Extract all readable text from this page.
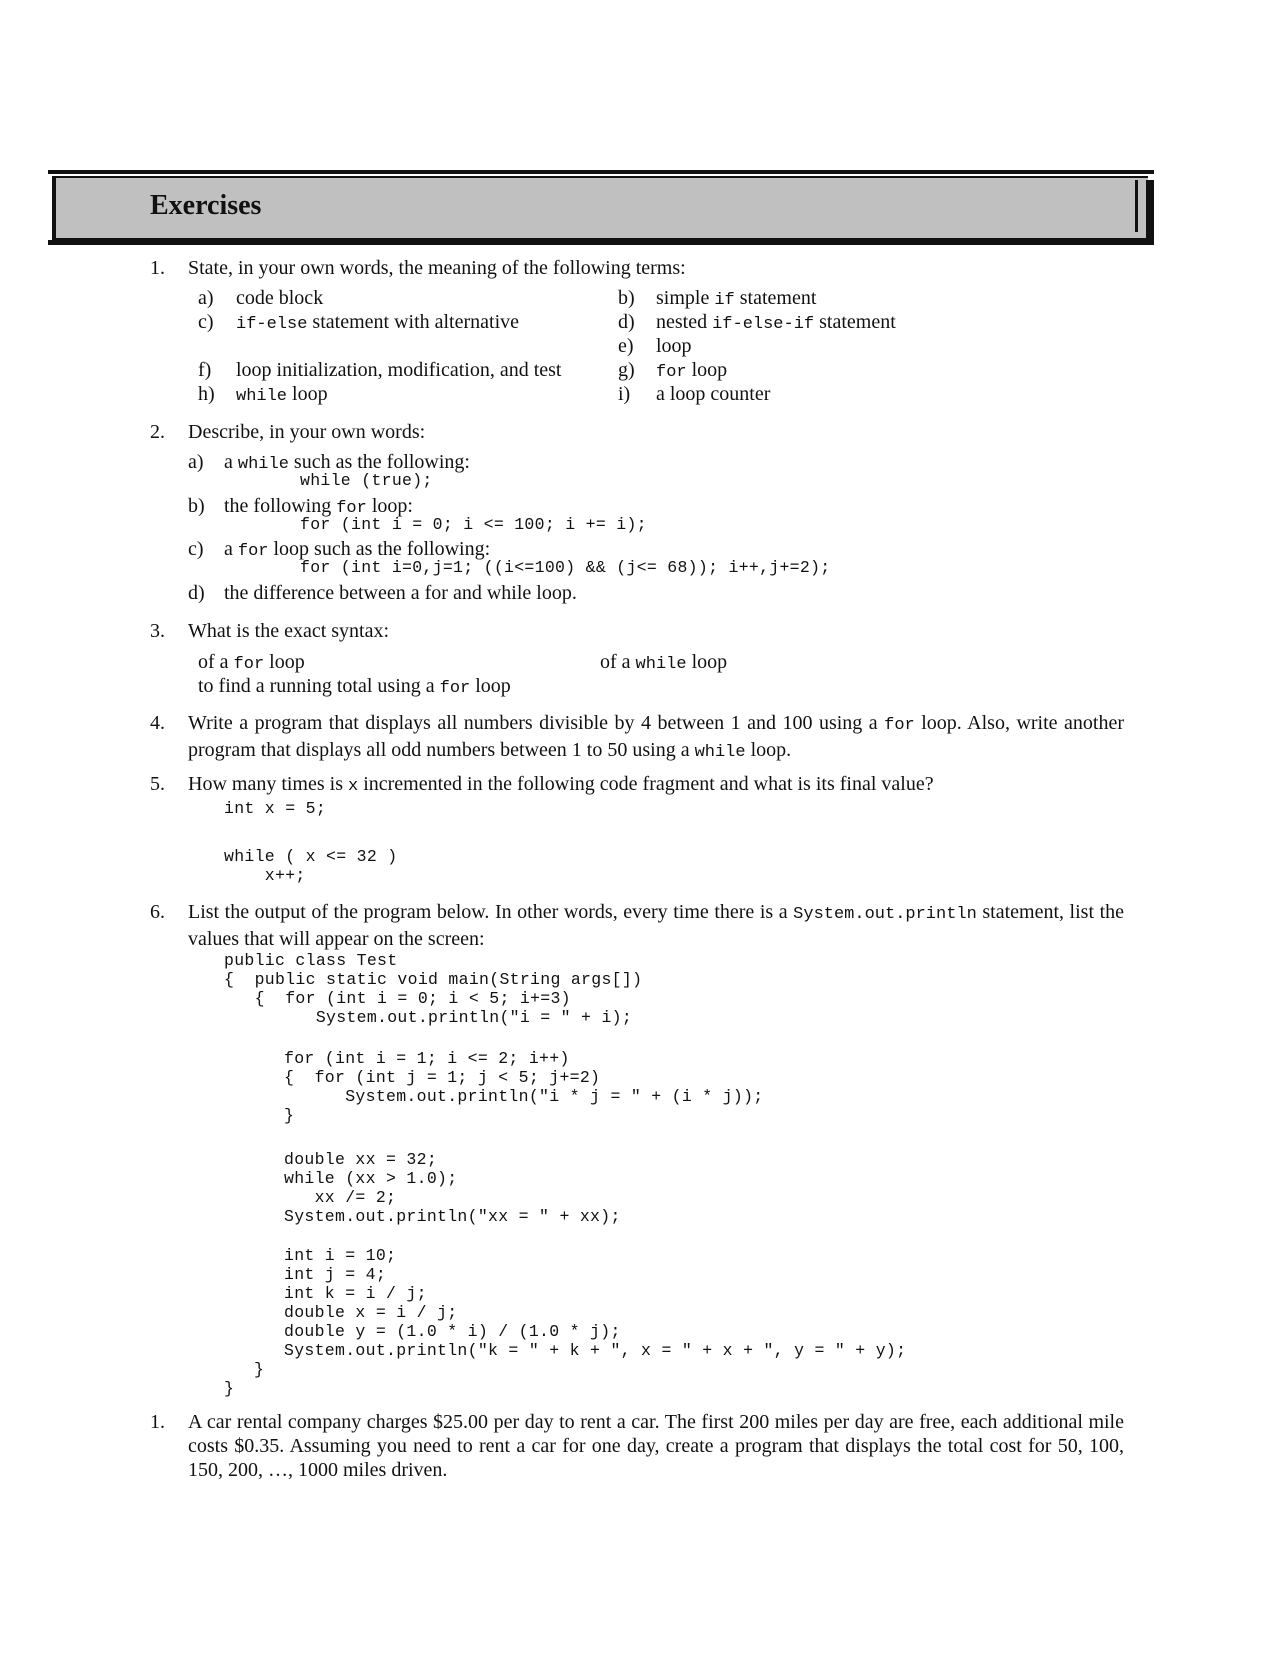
Exercises
1. State, in your own words, the meaning of the following terms:
a) code block	b) simple if statement
c) if-else statement with alternative	d) nested if-else-if statement
e) loop
f) loop initialization, modification, and test	g) for loop
h) while loop	i) a loop counter
2. Describe, in your own words:
a) a while such as the following:
while (true);
b) the following for loop:
for (int i = 0; i <= 100; i += i);
c) a for loop such as the following:
for (int i=0,j=1; ((i<=100) && (j<= 68)); i++,j+=2);
d) the difference between a for and while loop.
3. What is the exact syntax:
of a for loop	of a while loop
to find a running total using a for loop
4. Write a program that displays all numbers divisible by 4 between 1 and 100 using a for loop. Also, write another program that displays all odd numbers between 1 to 50 using a while loop.
5. How many times is x incremented in the following code fragment and what is its final value?
int x = 5;
while ( x <= 32 )
x++;
6. List the output of the program below. In other words, every time there is a System.out.println statement, list the values that will appear on the screen:
public class Test
{  public static void main(String args[])
{  for (int i = 0; i < 5; i+=3)
System.out.println("i = " + i);
for (int i = 1; i <= 2; i++)
{  for (int j = 1; j < 5; j+=2)
System.out.println("i * j = " + (i * j));
}
double xx = 32;
while (xx > 1.0);
xx /= 2;
System.out.println("xx = " + xx);
int i = 10;
int j = 4;
int k = i / j;
double x = i / j;
double y = (1.0 * i) / (1.0 * j);
System.out.println("k = " + k + ", x = " + x + ", y = " + y);
}
}
1. A car rental company charges $25.00 per day to rent a car. The first 200 miles per day are free, each additional mile costs $0.35. Assuming you need to rent a car for one day, create a program that displays the total cost for 50, 100, 150, 200, …, 1000 miles driven.
